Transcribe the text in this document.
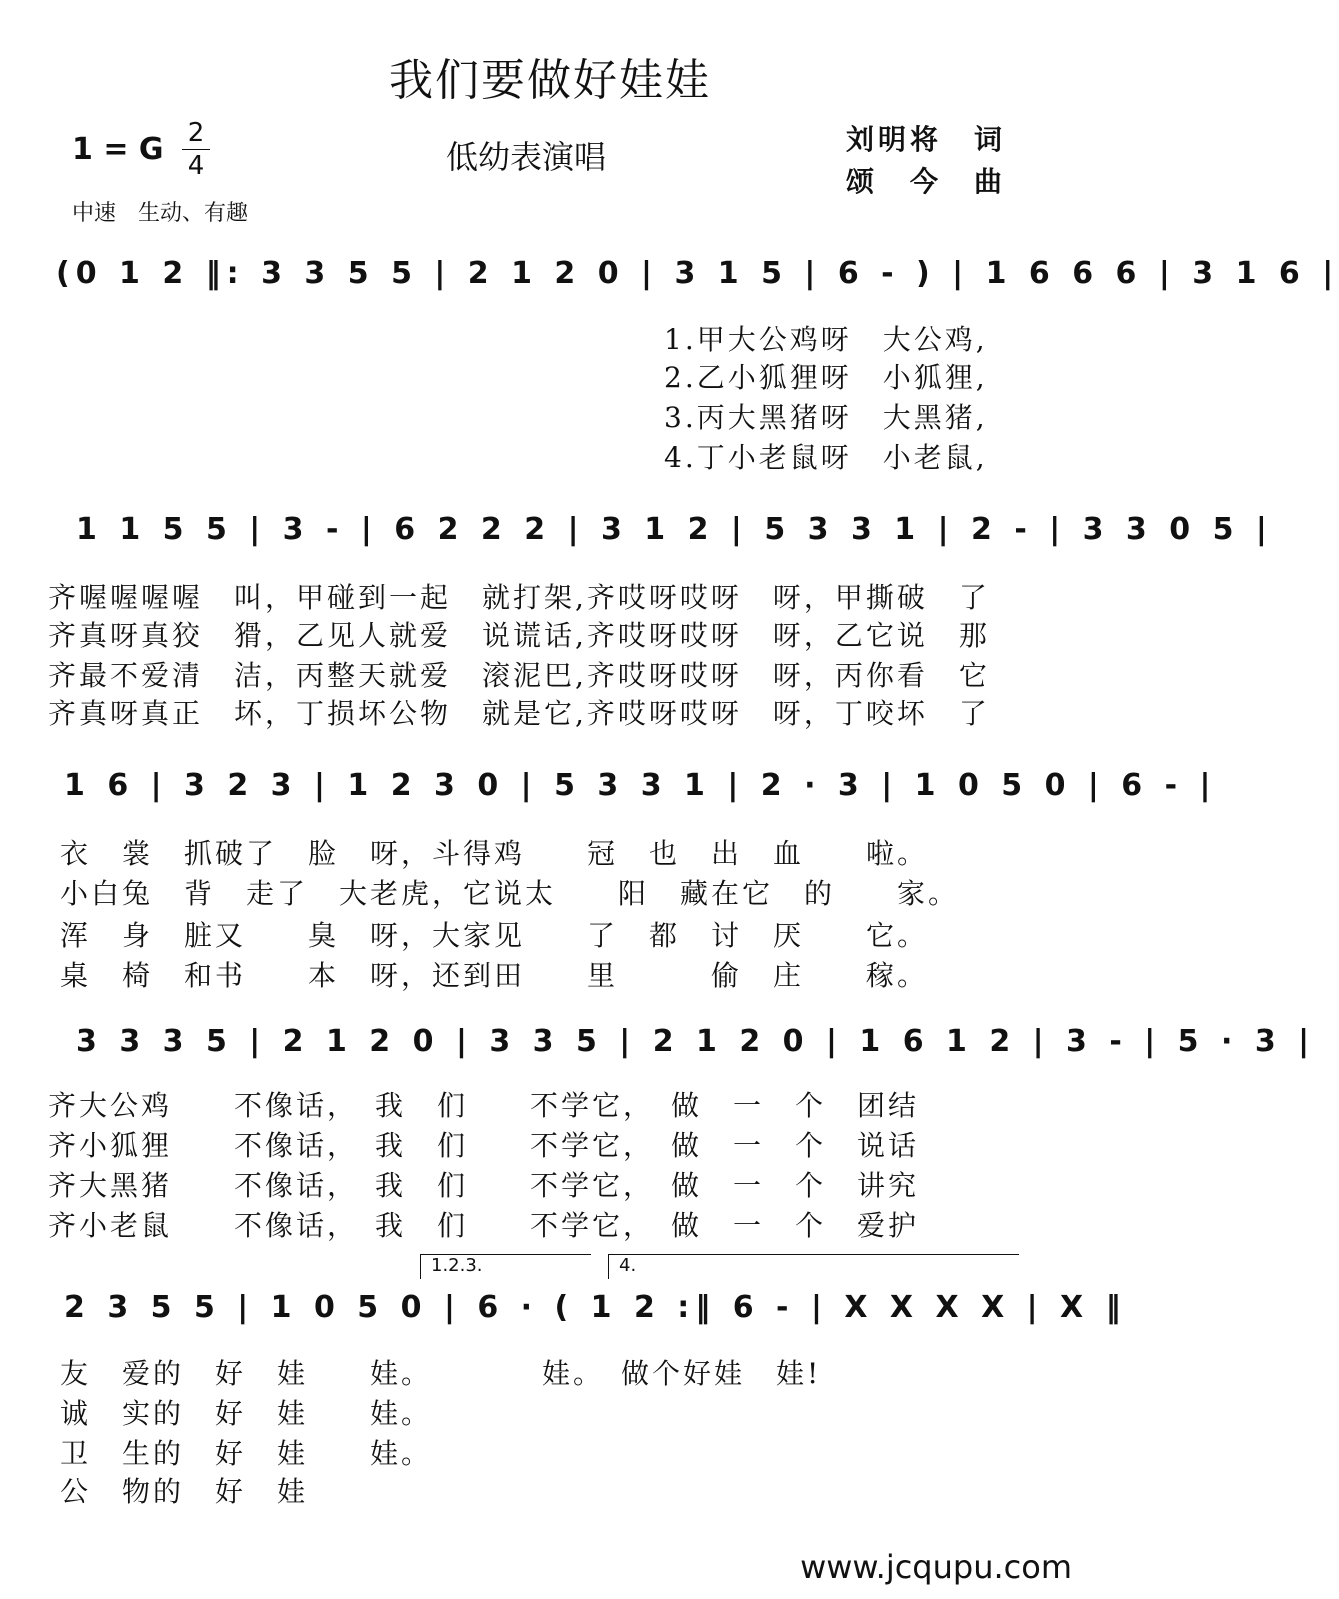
我们要做好娃娃
1 = G 2
4	低幼表演唱	刘明将　词
颂　今　曲
中速　生动、有趣
(0 1 2 ‖: 3 3 5 5 | 2 1 2 0 | 3 1 5 | 6 - ) | 1 6 6 6 | 3 1 6 |
1.甲大公鸡呀　大公鸡,
2.乙小狐狸呀　小狐狸,
3.丙大黑猪呀　大黑猪,
4.丁小老鼠呀　小老鼠,
1 1 5 5 | 3 - | 6 2 2 2 | 3 1 2 | 5 3 3 1 | 2 - | 3 3 0 5 |
齐喔喔喔喔　叫，甲碰到一起　就打架,齐哎呀哎呀　呀，甲撕破　了
齐真呀真狡　猾，乙见人就爱　说谎话,齐哎呀哎呀　呀，乙它说　那
齐最不爱清　洁，丙整天就爱　滚泥巴,齐哎呀哎呀　呀，丙你看　它
齐真呀真正　坏，丁损坏公物　就是它,齐哎呀哎呀　呀，丁咬坏　了
1 6 | 3 2 3 | 1 2 3 0 | 5 3 3 1 | 2 · 3 | 1 0 5 0 | 6 - |
衣　裳　抓破了　脸　呀，斗得鸡　　冠　也　出　血　　啦。
小白兔　背　走了　大老虎，它说太　　阳　藏在它　的　　家。
浑　身　脏又　　臭　呀，大家见　　了　都　讨　厌　　它。
桌　椅　和书　　本　呀，还到田　　里　　　偷　庄　　稼。
3 3 3 5 | 2 1 2 0 | 3 3 5 | 2 1 2 0 | 1 6 1 2 | 3 - | 5 · 3 |
齐大公鸡　　不像话，　我　们　　不学它，　做　一　个　团结
齐小狐狸　　不像话，　我　们　　不学它，　做　一　个　说话
齐大黑猪　　不像话，　我　们　　不学它，　做　一　个　讲究
齐小老鼠　　不像话，　我　们　　不学它，　做　一　个　爱护
1.2.3.	4.
2 3 5 5 | 1 0 5 0 | 6 · ( 1 2 :‖ 6 - | X X X X | X ‖
友　爱的　好　娃　　娃。　　　　娃。　做个好娃　娃!
诚　实的　好　娃　　娃。
卫　生的　好　娃　　娃。
公　物的　好　娃
www.jcqupu.com
